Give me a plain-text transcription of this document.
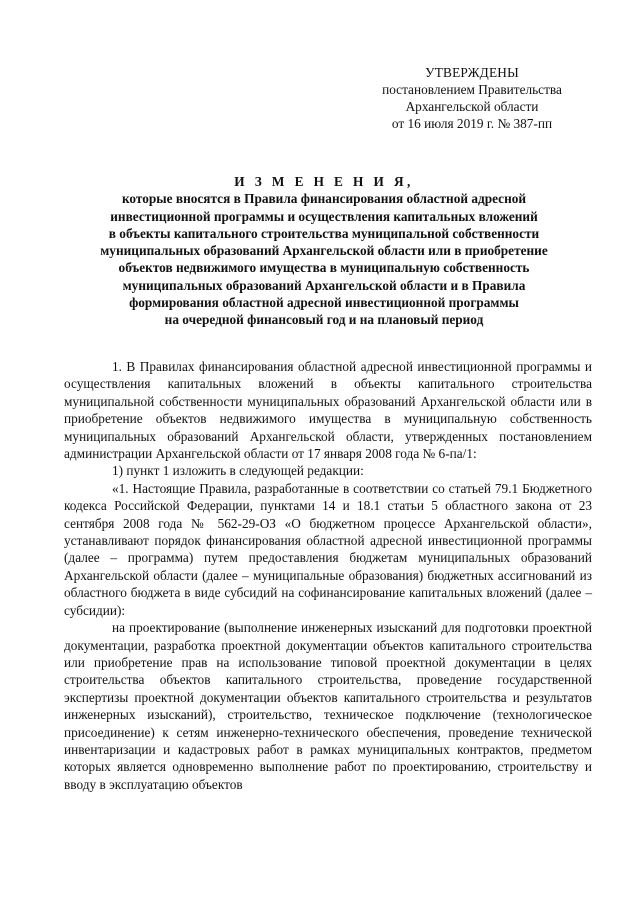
УТВЕРЖДЕНЫ
постановлением Правительства
Архангельской области
от 16 июля 2019 г. № 387-пп
И З М Е Н Е Н И Я,
которые вносятся в Правила финансирования областной адресной
инвестиционной программы и осуществления капитальных вложений
в объекты капитального строительства муниципальной собственности
муниципальных образований Архангельской области или в приобретение
объектов недвижимого имущества в муниципальную собственность
муниципальных образований Архангельской области и в Правила
формирования областной адресной инвестиционной программы
на очередной финансовый год и на плановый период

1. В Правилах финансирования областной адресной инвестиционной программы и осуществления капитальных вложений в объекты капитального строительства муниципальной собственности муниципальных образований Архангельской области или в приобретение объектов недвижимого имущества в муниципальную собственность муниципальных образований Архангельской области, утвержденных постановлением администрации Архангельской области от 17 января 2008 года № 6-па/1:

1) пункт 1 изложить в следующей редакции:

«1. Настоящие Правила, разработанные в соответствии со статьей 79.1 Бюджетного кодекса Российской Федерации, пунктами 14 и 18.1 статьи 5 областного закона от 23 сентября 2008 года № 562-29-ОЗ «О бюджетном процессе Архангельской области», устанавливают порядок финансирования областной адресной инвестиционной программы (далее – программа) путем предоставления бюджетам муниципальных образований Архангельской области (далее – муниципальные образования) бюджетных ассигнований из областного бюджета в виде субсидий на софинансирование капитальных вложений (далее – субсидии):

на проектирование (выполнение инженерных изысканий для подготовки проектной документации, разработка проектной документации объектов капитального строительства или приобретение прав на использование типовой проектной документации в целях строительства объектов капитального строительства, проведение государственной экспертизы проектной документации объектов капитального строительства и результатов инженерных изысканий), строительство, техническое подключение (технологическое присоединение) к сетям инженерно-технического обеспечения, проведение технической инвентаризации и кадастровых работ в рамках муниципальных контрактов, предметом которых является одновременно выполнение работ по проектированию, строительству и вводу в эксплуатацию объектов
